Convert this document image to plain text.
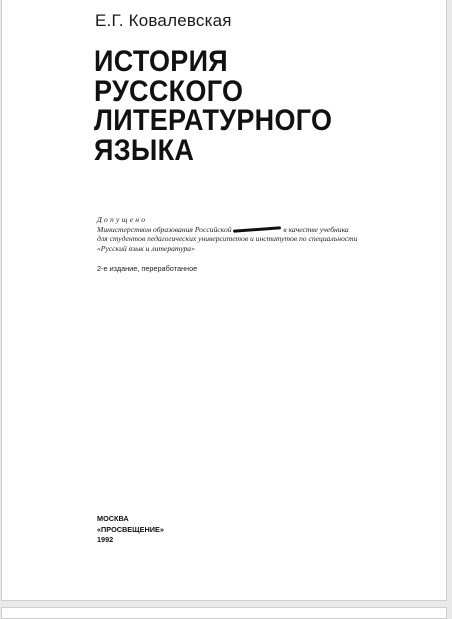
Е.Г. Ковалевская
ИСТОРИЯ
РУССКОГО
ЛИТЕРАТУРНОГО
ЯЗЫКА
Допущено
Министерством образования Российской	в качестве учебника
для студентов педагогических университетов и институтов по специальности
«Русский язык и литература»
2-е издание, переработанное
МОСКВА
«ПРОСВЕЩЕНИЕ»
1992
